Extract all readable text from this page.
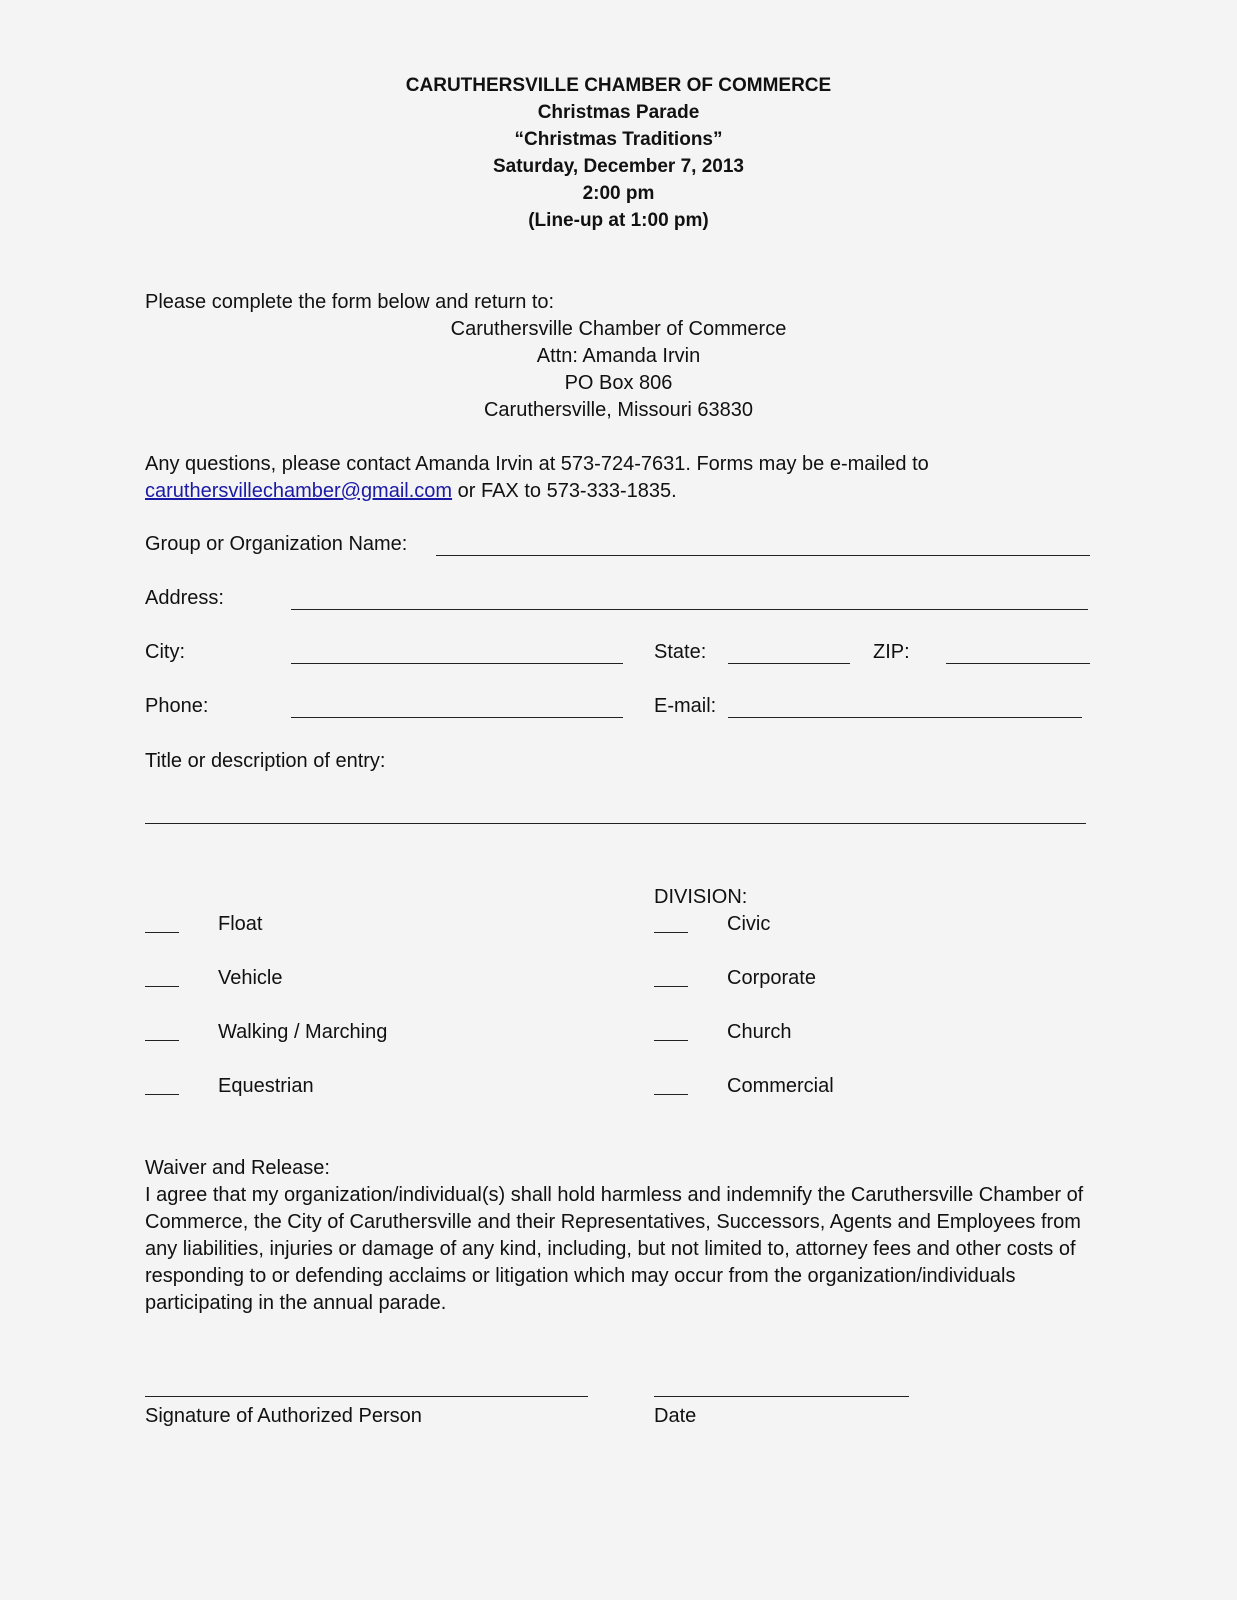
CARUTHERSVILLE CHAMBER OF COMMERCE
Christmas Parade
“Christmas Traditions”
Saturday, December 7, 2013
2:00 pm
(Line-up at 1:00 pm)
Please complete the form below and return to:
Caruthersville Chamber of Commerce
Attn: Amanda Irvin
PO Box 806
Caruthersville, Missouri 63830
Any questions, please contact Amanda Irvin at 573-724-7631. Forms may be e-mailed to
caruthersvillechamber@gmail.com or FAX to 573-333-1835.
Group or Organization Name:
Address:
City:	State:	ZIP:
Phone:	E-mail:
Title or description of entry:
DIVISION:
Float	Civic
Vehicle	Corporate
Walking / Marching	Church
Equestrian	Commercial
Waiver and Release:
I agree that my organization/individual(s) shall hold harmless and indemnify the Caruthersville Chamber of Commerce, the City of Caruthersville and their Representatives, Successors, Agents and Employees from any liabilities, injuries or damage of any kind, including, but not limited to, attorney fees and other costs of responding to or defending acclaims or litigation which may occur from the organization/individuals participating in the annual parade.
Signature of Authorized Person	Date
